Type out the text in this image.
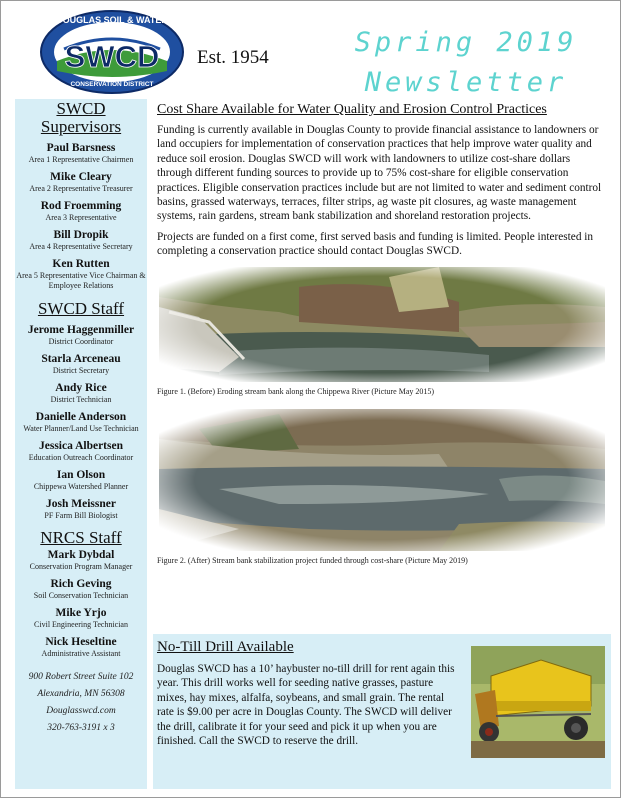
DOUGLAS SOIL & WATER
SWCD
CONSERVATION DISTRICT
Est. 1954	Spring 2019
Newsletter
SWCD Supervisors
Paul Barsness
Area 1 Representative Chairmen
Mike Cleary
Area 2 Representative Treasurer
Rod Froemming
Area 3 Representative
Bill Dropik
Area 4 Representative Secretary
Ken Rutten
Area 5 Representative Vice Chairman & Employee Relations
SWCD Staff
Jerome Haggenmiller
District Coordinator
Starla Arceneau
District Secretary
Andy Rice
District Technician
Danielle Anderson
Water Planner/Land Use Technician
Jessica Albertsen
Education Outreach Coordinator
Ian Olson
Chippewa Watershed Planner
Josh Meissner
PF Farm Bill Biologist
NRCS Staff
Mark Dybdal
Conservation Program Manager
Rich Geving
Soil Conservation Technician
Mike Yrjo
Civil Engineering Technician
Nick Heseltine
Administrative Assistant
900 Robert Street Suite 102
Alexandria, MN 56308
Douglasswcd.com
320-763-3191 x 3
Cost Share Available for Water Quality and Erosion Control Practices

Funding is currently available in Douglas County to provide financial assistance to landowners or land occupiers for implementation of conservation practices that help improve water quality and reduce soil erosion. Douglas SWCD will work with landowners to utilize cost-share dollars through different funding sources to provide up to 75% cost-share for eligible conservation practices. Eligible conservation practices include but are not limited to water and sediment control basins, grassed waterways, terraces, filter strips, ag waste pit closures, ag waste management systems, rain gardens, stream bank stabilization and shoreland restoration projects.

Projects are funded on a first come, first served basis and funding is limited. People interested in completing a conservation practice should contact Douglas SWCD.

Figure 1. (Before) Eroding stream bank along the Chippewa River (Picture May 2015)
Figure 2. (After) Stream bank stabilization project funded through cost-share (Picture May 2019)
No-Till Drill Available

Douglas SWCD has a 10’ haybuster no-till drill for rent again this year. This drill works well for seeding native grasses, pasture mixes, hay mixes, alfalfa, soybeans, and small grain. The rental rate is $9.00 per acre in Douglas County. The SWCD will deliver the drill, calibrate it for your seed and pick it up when you are finished. Call the SWCD to reserve the drill.
